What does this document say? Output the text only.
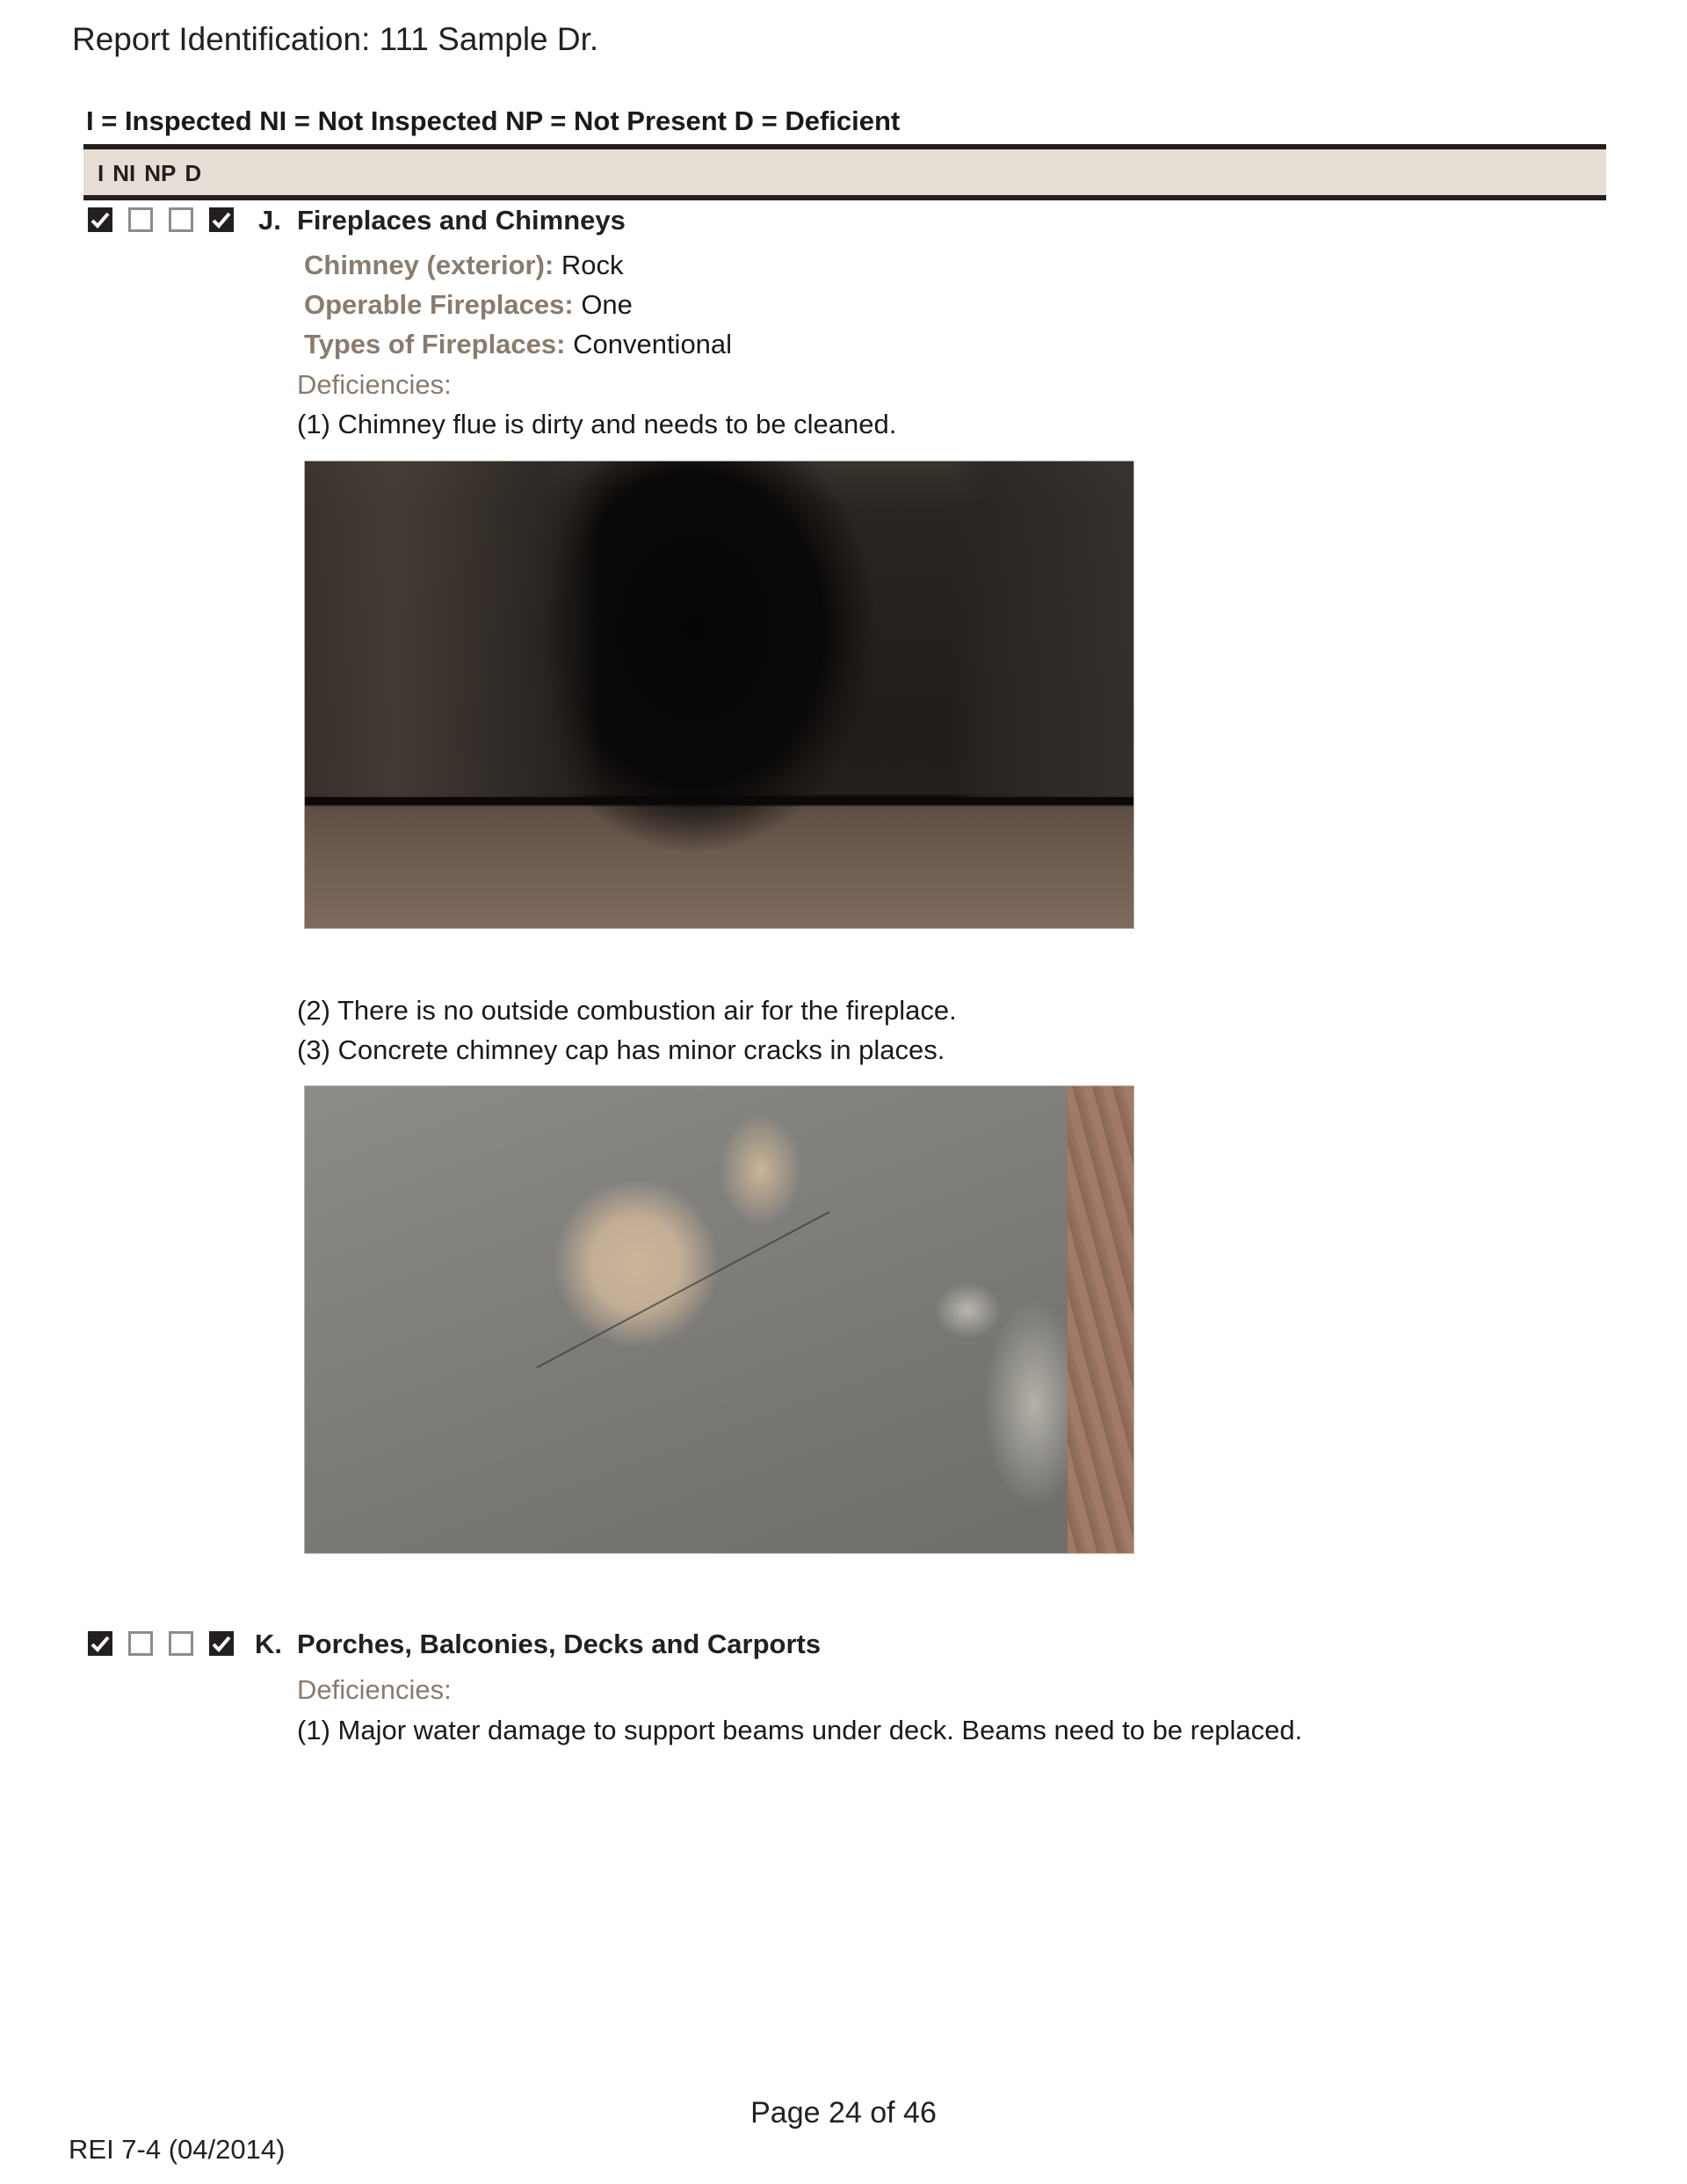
Report Identification: 111 Sample Dr.
I = Inspected NI = Not Inspected NP = Not Present D = Deficient
I NI NP D
J. Fireplaces and Chimneys
Chimney (exterior): Rock
Operable Fireplaces: One
Types of Fireplaces: Conventional
Deficiencies:
(1) Chimney flue is dirty and needs to be cleaned.
(2) There is no outside combustion air for the fireplace.
(3) Concrete chimney cap has minor cracks in places.
K. Porches, Balconies, Decks and Carports
Deficiencies:
(1) Major water damage to support beams under deck. Beams need to be replaced.
Page 24 of 46
REI 7-4 (04/2014)
